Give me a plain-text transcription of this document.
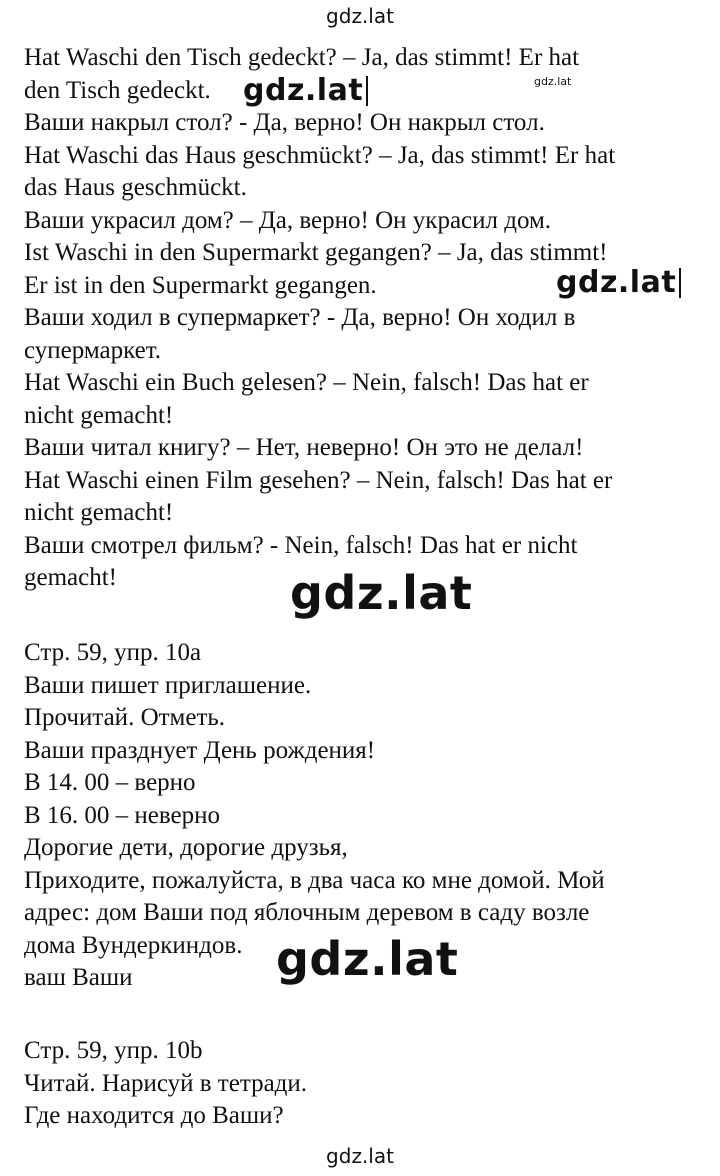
gdz.lat
Hat Waschi den Tisch gedeckt? – Ja, das stimmt! Er hat
den Tisch gedeckt.
Ваши накрыл стол? - Да, верно! Он накрыл стол.
Hat Waschi das Haus geschmückt? – Ja, das stimmt! Er hat
das Haus geschmückt.
Ваши украсил дом? – Да, верно! Он украсил дом.
Ist Waschi in den Supermarkt gegangen? – Ja, das stimmt!
Er ist in den Supermarkt gegangen.
Ваши ходил в супермаркет? - Да, верно! Он ходил в
супермаркет.
Hat Waschi ein Buch gelesen? – Nein, falsch! Das hat er
nicht gemacht!
Ваши читал книгу? – Нет, неверно! Он это не делал!
Hat Waschi einen Film gesehen? – Nein, falsch! Das hat er
nicht gemacht!
Ваши смотрел фильм? - Nein, falsch! Das hat er nicht
gemacht!
Стр. 59, упр. 10а
Ваши пишет приглашение.
Прочитай. Отметь.
Ваши празднует День рождения!
В 14. 00 – верно
В 16. 00 – неверно
Дорогие дети, дорогие друзья,
Приходите, пожалуйста, в два часа ко мне домой. Мой
адрес: дом Ваши под яблочным деревом в саду возле
дома Вундеркиндов.
ваш Ваши
Стр. 59, упр. 10b
Читай. Нарисуй в тетради.
Где находится до Ваши?
gdz.lat
gdz.lat
gdz.lat
gdz.lat
gdz.lat
gdz.lat
